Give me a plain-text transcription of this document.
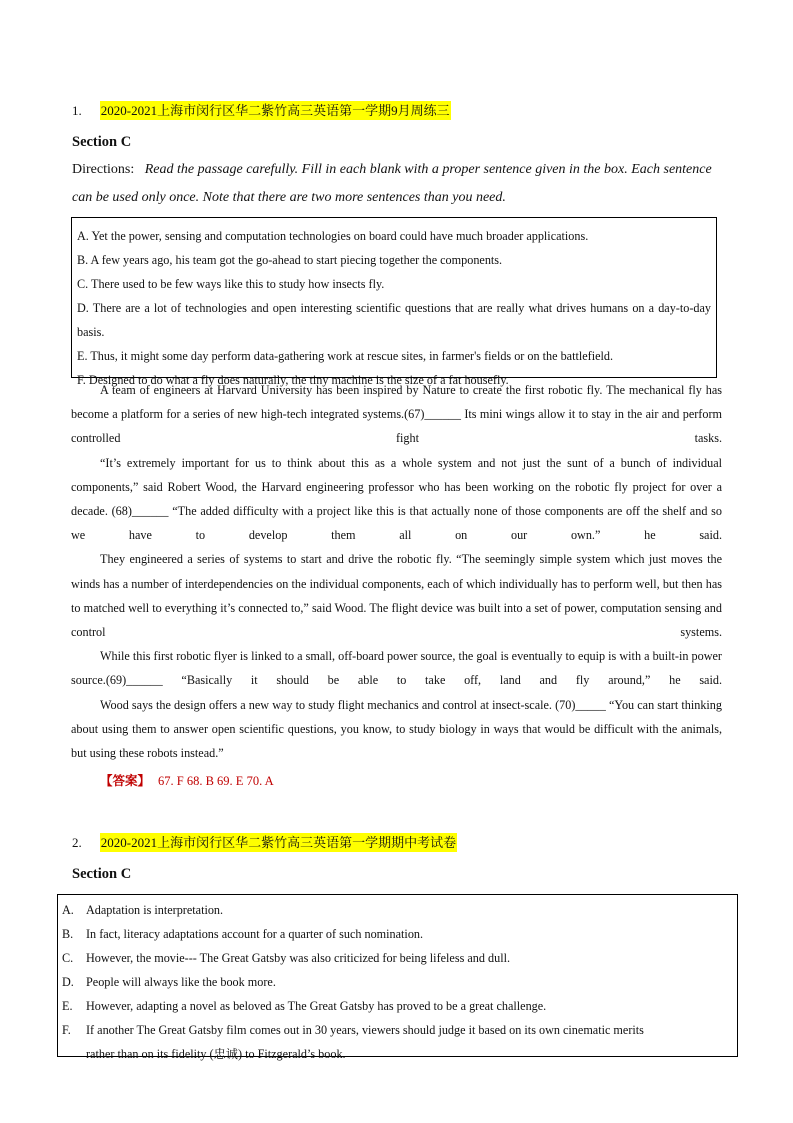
1. 2020-2021上海市闵行区华二紫竹高三英语第一学期9月周练三
Section C
Directions: Read the passage carefully. Fill in each blank with a proper sentence given in the box. Each sentence can be used only once. Note that there are two more sentences than you need.
A. Yet the power, sensing and computation technologies on board could have much broader applications.
B. A few years ago, his team got the go-ahead to start piecing together the components.
C. There used to be few ways like this to study how insects fly.
D. There are a lot of technologies and open interesting scientific questions that are really what drives humans on a day-to-day basis.
E. Thus, it might some day perform data-gathering work at rescue sites, in farmer's fields or on the battlefield.
F. Designed to do what a fly does naturally, the tiny machine is the size of a fat housefly.
A team of engineers at Harvard University has been inspired by Nature to create the first robotic fly. The mechanical fly has become a platform for a series of new high-tech integrated systems.(67)______ Its mini wings allow it to stay in the air and perform controlled fight tasks.
“It’s extremely important for us to think about this as a whole system and not just the sunt of a bunch of individual components,” said Robert Wood, the Harvard engineering professor who has been working on the robotic fly project for over a decade. (68)______ “The added difficulty with a project like this is that actually none of those components are off the shelf and so we have to develop them all on our own.” he said.
They engineered a series of systems to start and drive the robotic fly. “The seemingly simple system which just moves the winds has a number of interdependencies on the individual components, each of which individually has to perform well, but then has to matched well to everything it’s connected to,” said Wood. The flight device was built into a set of power, computation sensing and control systems.
While this first robotic flyer is linked to a small, off-board power source, the goal is eventually to equip is with a built-in power source.(69)______ “Basically it should be able to take off, land and fly around,” he said.
Wood says the design offers a new way to study flight mechanics and control at insect-scale. (70)_____ “You can start thinking about using them to answer open scientific questions, you know, to study biology in ways that would be difficult with the animals, but using these robots instead.”
【答案】 67. F 68. B 69. E 70. A
2. 2020-2021上海市闵行区华二紫竹高三英语第一学期期中考试卷
Section C
A. Adaptation is interpretation.
B. In fact, literacy adaptations account for a quarter of such nomination.
C. However, the movie--- The Great Gatsby was also criticized for being lifeless and dull.
D. People will always like the book more.
E. However, adapting a novel as beloved as The Great Gatsby has proved to be a great challenge.
F. If another The Great Gatsby film comes out in 30 years, viewers should judge it based on its own cinematic merits
rather than on its fidelity (忠诚) to Fitzgerald’s book.
